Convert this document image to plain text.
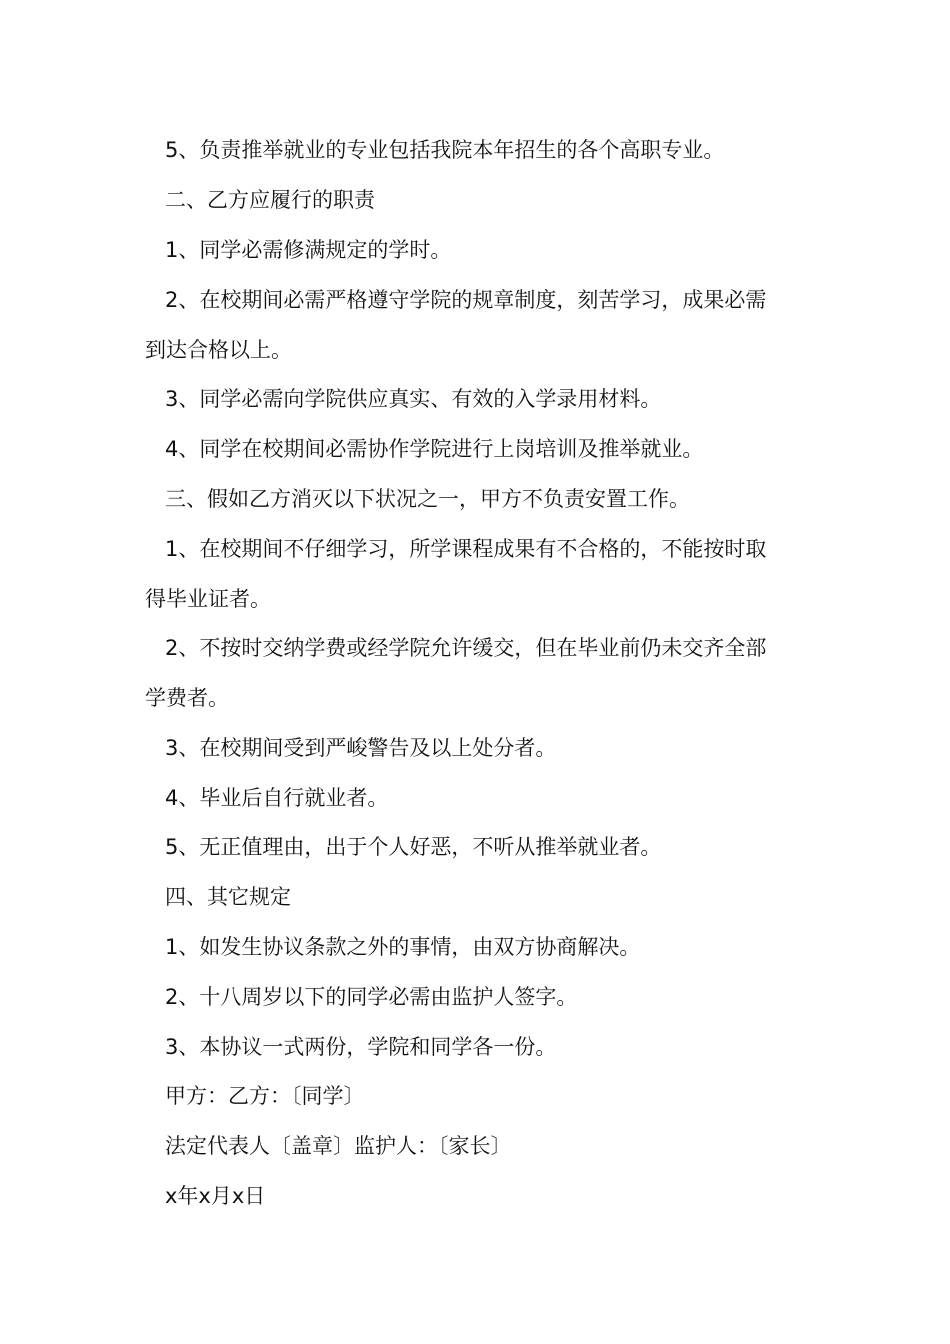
5、负责推举就业的专业包括我院本年招生的各个高职专业。
二、乙方应履行的职责
1、同学必需修满规定的学时。
2、在校期间必需严格遵守学院的规章制度，刻苦学习，成果必需
到达合格以上。
3、同学必需向学院供应真实、有效的入学录用材料。
4、同学在校期间必需协作学院进行上岗培训及推举就业。
三、假如乙方消灭以下状况之一，甲方不负责安置工作。
1、在校期间不仔细学习，所学课程成果有不合格的，不能按时取
得毕业证者。
2、不按时交纳学费或经学院允许缓交，但在毕业前仍未交齐全部
学费者。
3、在校期间受到严峻警告及以上处分者。
4、毕业后自行就业者。
5、无正值理由，出于个人好恶，不听从推举就业者。
四、其它规定
1、如发生协议条款之外的事情，由双方协商解决。
2、十八周岁以下的同学必需由监护人签字。
3、本协议一式两份，学院和同学各一份。
甲方：乙方：〔同学〕
法定代表人〔盖章〕监护人：〔家长〕
x年x月x日
